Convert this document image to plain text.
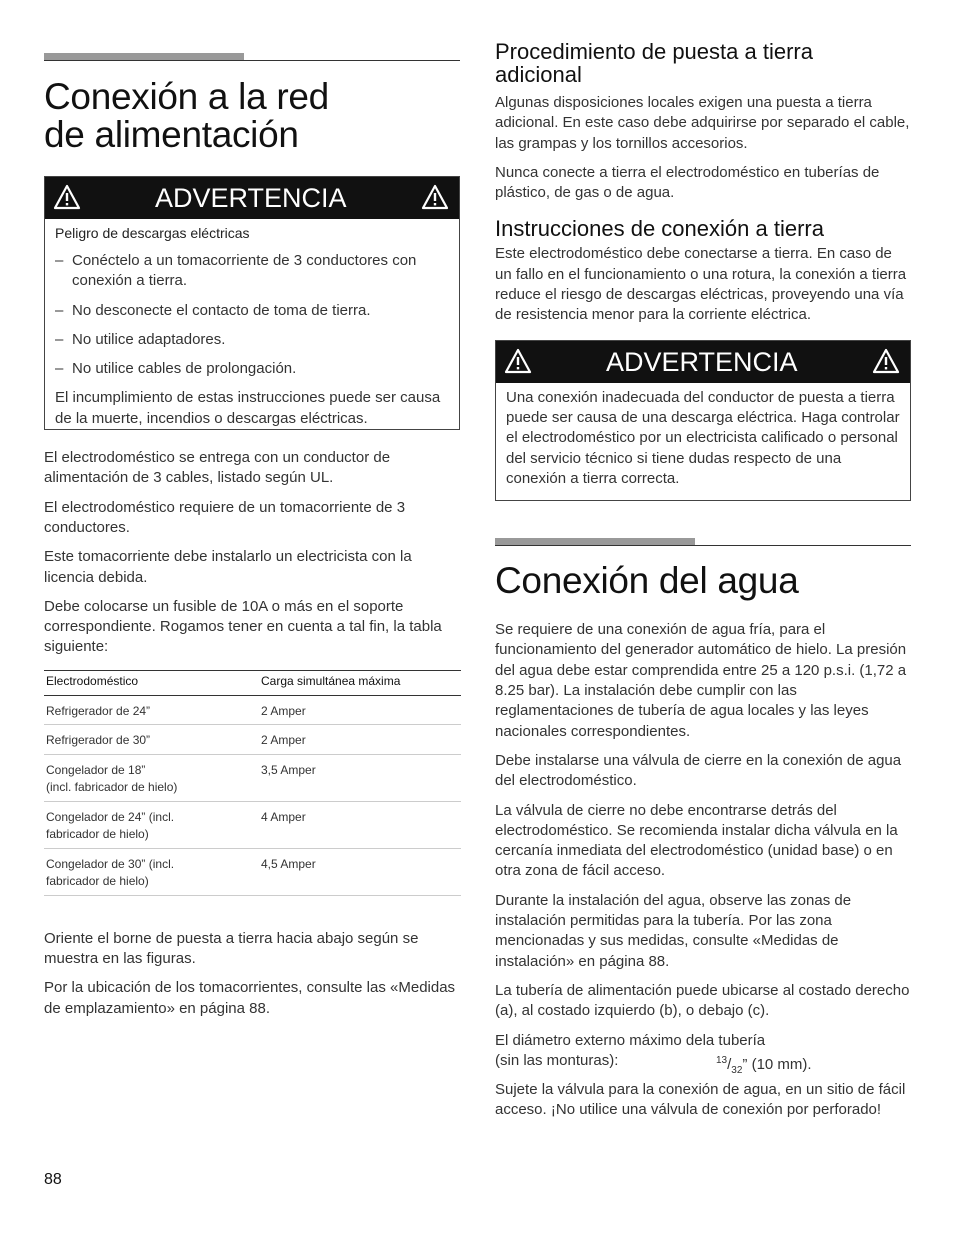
Conexión a la red
de alimentación
ADVERTENCIA
Peligro de descargas eléctricas
– Conéctelo a un tomacorriente de 3 conductores con conexión a tierra.
– No desconecte el contacto de toma de tierra.
– No utilice adaptadores.
– No utilice cables de prolongación.

El incumplimiento de estas instrucciones puede ser causa de la muerte, incendios o descargas eléctricas.

El electrodoméstico se entrega con un conductor de alimentación de 3 cables, listado según UL.

El electrodoméstico requiere de un tomacorriente de 3 conductores.

Este tomacorriente debe instalarlo un electricista con la licencia debida.

Debe colocarse un fusible de 10A o más en el soporte correspondiente. Rogamos tener en cuenta a tal fin, la tabla siguiente:

Electrodoméstico	Carga simultánea máxima
Refrigerador de 24”	2 Amper
Refrigerador de 30”	2 Amper
Congelador de 18”
(incl. fabricador de hielo)	3,5 Amper
Congelador de 24” (incl.
fabricador de hielo)	4 Amper
Congelador de 30” (incl.
fabricador de hielo)	4,5 Amper

Oriente el borne de puesta a tierra hacia abajo según se muestra en las figuras.

Por la ubicación de los tomacorrientes, consulte las «Medidas de emplazamiento» en página 88.

Procedimiento de puesta a tierra adicional

Algunas disposiciones locales exigen una puesta a tierra adicional. En este caso debe adquirirse por separado el cable, las grampas y los tornillos accesorios.

Nunca conecte a tierra el electrodoméstico en tuberías de plástico, de gas o de agua.

Instrucciones de conexión a tierra

Este electrodoméstico debe conectarse a tierra. En caso de un fallo en el funcionamiento o una rotura, la conexión a tierra reduce el riesgo de descargas eléctricas, proveyendo una vía de resistencia menor para la corriente eléctrica.

ADVERTENCIA

Una conexión inadecuada del conductor de puesta a tierra puede ser causa de una descarga eléctrica. Haga controlar el electrodoméstico por un electricista calificado o personal del servicio técnico si tiene dudas respecto de una conexión a tierra correcta.

Conexión del agua

Se requiere de una conexión de agua fría, para el funcionamiento del generador automático de hielo. La presión del agua debe estar comprendida entre 25 a 120 p.s.i. (1,72 a 8.25 bar). La instalación debe cumplir con las reglamentaciones de tubería de agua locales y las leyes nacionales correspondientes.

Debe instalarse una válvula de cierre en la conexión de agua del electrodoméstico.

La válvula de cierre no debe encontrarse detrás del electrodoméstico. Se recomienda instalar dicha válvula en la cercanía inmediata del electrodoméstico (unidad base) o en otra zona de fácil acceso.

Durante la instalación del agua, observe las zonas de instalación permitidas para la tubería. Por las zona mencionadas y sus medidas, consulte «Medidas de instalación» en página 88.

La tubería de alimentación puede ubicarse al costado derecho (a), al costado izquierdo (b), o debajo (c).

El diámetro externo máximo dela tubería
(sin las monturas):	$^{13}/_{32}$” (10 mm).

Sujete la válvula para la conexión de agua, en un sitio de fácil acceso. ¡No utilice una válvula de conexión por perforado!

88
